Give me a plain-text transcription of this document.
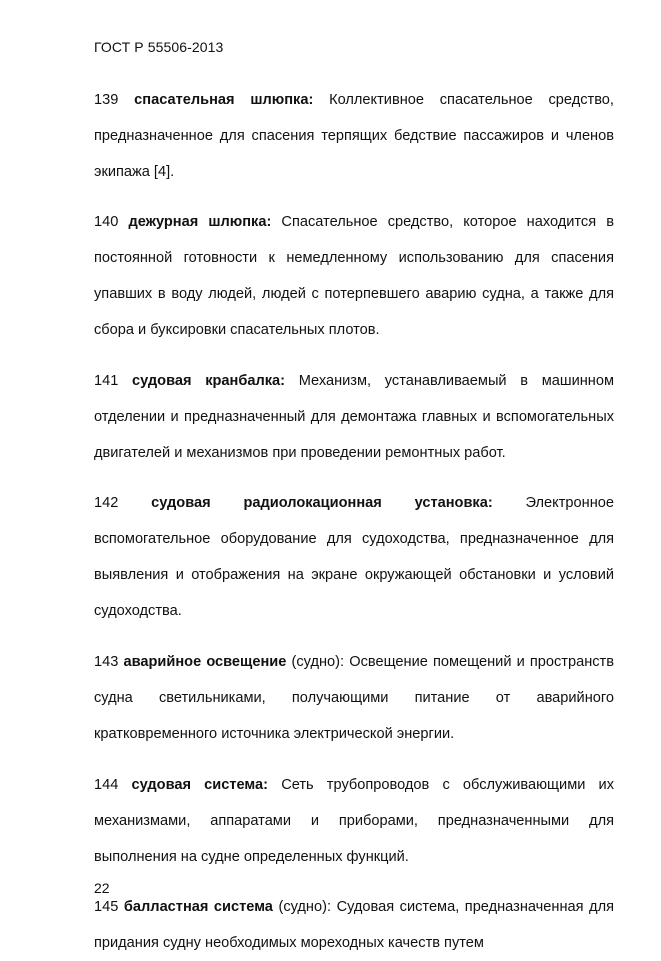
ГОСТ Р 55506-2013

139 спасательная шлюпка: Коллективное спасательное средство, предназначенное для спасения терпящих бедствие пассажиров и членов экипажа [4].

140 дежурная шлюпка: Спасательное средство, которое находится в постоянной готовности к немедленному использованию для спасения упавших в воду людей, людей с потерпевшего аварию судна, а также для сбора и буксировки спасательных плотов.

141 судовая кранбалка: Механизм, устанавливаемый в машинном отделении и предназначенный для демонтажа главных и вспомогательных двигателей и механизмов при проведении ремонтных работ.

142 судовая радиолокационная установка: Электронное вспомогательное оборудование для судоходства, предназначенное для выявления и отображения на экране окружающей обстановки и условий судоходства.

143 аварийное освещение (судно): Освещение помещений и пространств судна светильниками, получающими питание от аварийного кратковременного источника электрической энергии.

144 судовая система: Сеть трубопроводов с обслуживающими их механизмами, аппаратами и приборами, предназначенными для выполнения на судне определенных функций.

145 балластная система (судно): Судовая система, предназначенная для придания судну необходимых мореходных качеств путем

22
